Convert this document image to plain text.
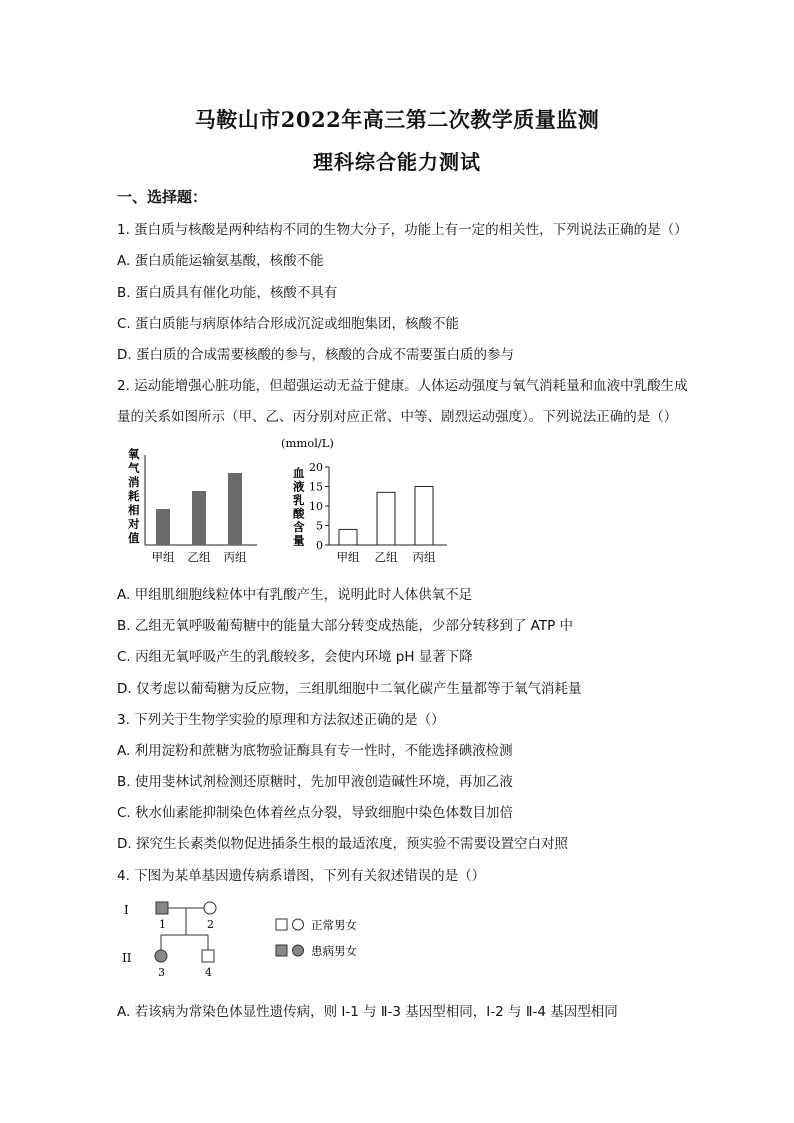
马鞍山市2022年高三第二次教学质量监测
理科综合能力测试
一、选择题：
1. 蛋白质与核酸是两种结构不同的生物大分子，功能上有一定的相关性，下列说法正确的是（）
A. 蛋白质能运输氨基酸，核酸不能
B. 蛋白质具有催化功能，核酸不具有
C. 蛋白质能与病原体结合形成沉淀或细胞集团，核酸不能
D. 蛋白质的合成需要核酸的参与，核酸的合成不需要蛋白质的参与
2. 运动能增强心脏功能，但超强运动无益于健康。人体运动强度与氧气消耗量和血液中乳酸生成
量的关系如图所示（甲、乙、丙分别对应正常、中等、剧烈运动强度）。下列说法正确的是（）
氧气消耗相对值
甲组 乙组 丙组
(mmol/L)
血液乳酸含量 0
5
10
15
20
甲组 乙组 丙组
A. 甲组肌细胞线粒体中有乳酸产生，说明此时人体供氧不足
B. 乙组无氧呼吸葡萄糖中的能量大部分转变成热能，少部分转移到了 ATP 中
C. 丙组无氧呼吸产生的乳酸较多，会使内环境 pH 显著下降
D. 仅考虑以葡萄糖为反应物，三组肌细胞中二氧化碳产生量都等于氧气消耗量
3. 下列关于生物学实验的原理和方法叙述正确的是（）
A. 利用淀粉和蔗糖为底物验证酶具有专一性时，不能选择碘液检测
B. 使用斐林试剂检测还原糖时，先加甲液创造碱性环境，再加乙液
C. 秋水仙素能抑制染色体着丝点分裂，导致细胞中染色体数目加倍
D. 探究生长素类似物促进插条生根的最适浓度，预实验不需要设置空白对照
4. 下图为某单基因遗传病系谱图，下列有关叙述错误的是（）
I
II
1	2
3	4
正常男女
患病男女
A. 若该病为常染色体显性遗传病，则 Ⅰ-1 与 Ⅱ-3 基因型相同，Ⅰ-2 与 Ⅱ-4 基因型相同
